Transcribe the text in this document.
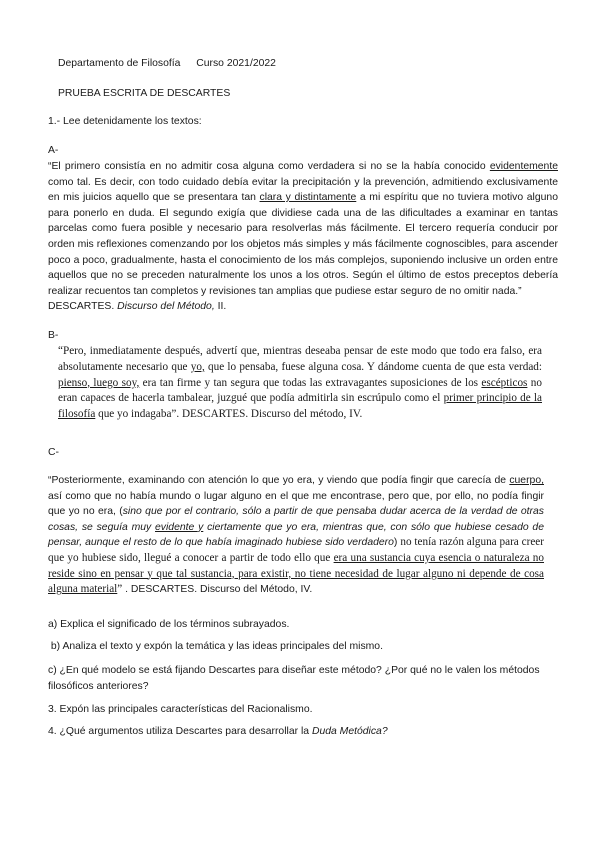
Departamento de Filosofía Curso 2021/2022
PRUEBA ESCRITA DE DESCARTES
1.- Lee detenidamente los textos:
A-

“El primero consistía en no admitir cosa alguna como verdadera si no se la había conocido evidentemente como tal. Es decir, con todo cuidado debía evitar la precipitación y la prevención, admitiendo exclusivamente en mis juicios aquello que se presentara tan clara y distintamente a mi espíritu que no tuviera motivo alguno para ponerlo en duda. El segundo exigía que dividiese cada una de las dificultades a examinar en tantas parcelas como fuera posible y necesario para resolverlas más fácilmente. El tercero requería conducir por orden mis reflexiones comenzando por los objetos más simples y más fácilmente cognoscibles, para ascender poco a poco, gradualmente, hasta el conocimiento de los más complejos, suponiendo inclusive un orden entre aquellos que no se preceden naturalmente los unos a los otros. Según el último de estos preceptos debería realizar recuentos tan completos y revisiones tan amplias que pudiese estar seguro de no omitir nada.”
DESCARTES. Discurso del Método, II.

B-

“Pero, inmediatamente después, advertí que, mientras deseaba pensar de este modo que todo era falso, era absolutamente necesario que yo, que lo pensaba, fuese alguna cosa. Y dándome cuenta de que esta verdad: pienso, luego soy, era tan firme y tan segura que todas las extravagantes suposiciones de los escépticos no eran capaces de hacerla tambalear, juzgué que podía admitirla sin escrúpulo como el primer principio de la filosofía que yo indagaba”. DESCARTES. Discurso del método, IV.

C-

“Posteriormente, examinando con atención lo que yo era, y viendo que podía fingir que carecía de cuerpo, así como que no había mundo o lugar alguno en el que me encontrase, pero que, por ello, no podía fingir que yo no era, (sino que por el contrario, sólo a partir de que pensaba dudar acerca de la verdad de otras cosas, se seguía muy evidente y ciertamente que yo era, mientras que, con sólo que hubiese cesado de pensar, aunque el resto de lo que había imaginado hubiese sido verdadero) no tenía razón alguna para creer que yo hubiese sido, llegué a conocer a partir de todo ello que era una sustancia cuya esencia o naturaleza no reside sino en pensar y que tal sustancia, para existir, no tiene necesidad de lugar alguno ni depende de cosa alguna material” . DESCARTES. Discurso del Método, IV.

a) Explica el significado de los términos subrayados.
b) Analiza el texto y expón la temática y las ideas principales del mismo.

c) ¿En qué modelo se está fijando Descartes para diseñar este método? ¿Por qué no le valen los métodos filosóficos anteriores?

3. Expón las principales características del Racionalismo.
4. ¿Qué argumentos utiliza Descartes para desarrollar la Duda Metódica?
